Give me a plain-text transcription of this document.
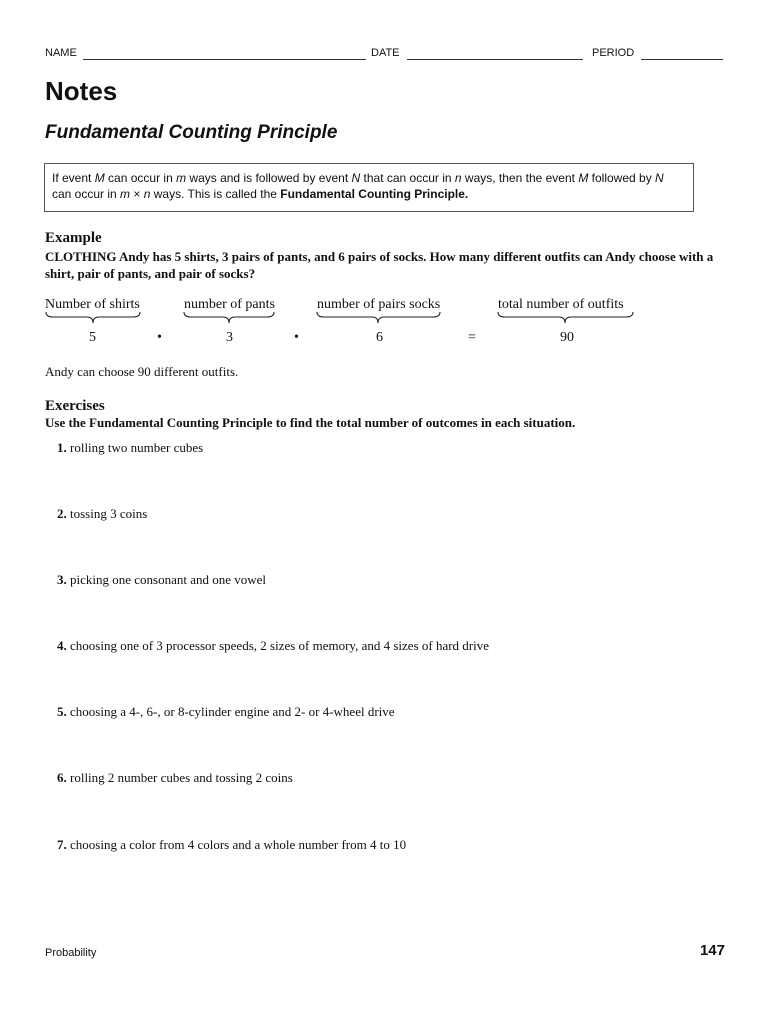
NAME	DATE	PERIOD
Notes
Fundamental Counting Principle
If event M can occur in m ways and is followed by event N that can occur in n ways, then the event M followed by N
can occur in m × n ways. This is called the Fundamental Counting Principle.
Example
CLOTHING Andy has 5 shirts, 3 pairs of pants, and 6 pairs of socks. How many different outfits can Andy choose with a shirt, pair of pants, and pair of socks?
Number of shirts	number of pants	number of pairs socks	total number of outfits
5	•	3	•	6	=	90
Andy can choose 90 different outfits.
Exercises
Use the Fundamental Counting Principle to find the total number of outcomes in each situation.
1. rolling two number cubes
2. tossing 3 coins
3. picking one consonant and one vowel
4. choosing one of 3 processor speeds, 2 sizes of memory, and 4 sizes of hard drive
5. choosing a 4-, 6-, or 8-cylinder engine and 2- or 4-wheel drive
6. rolling 2 number cubes and tossing 2 coins
7. choosing a color from 4 colors and a whole number from 4 to 10
Probability	147
